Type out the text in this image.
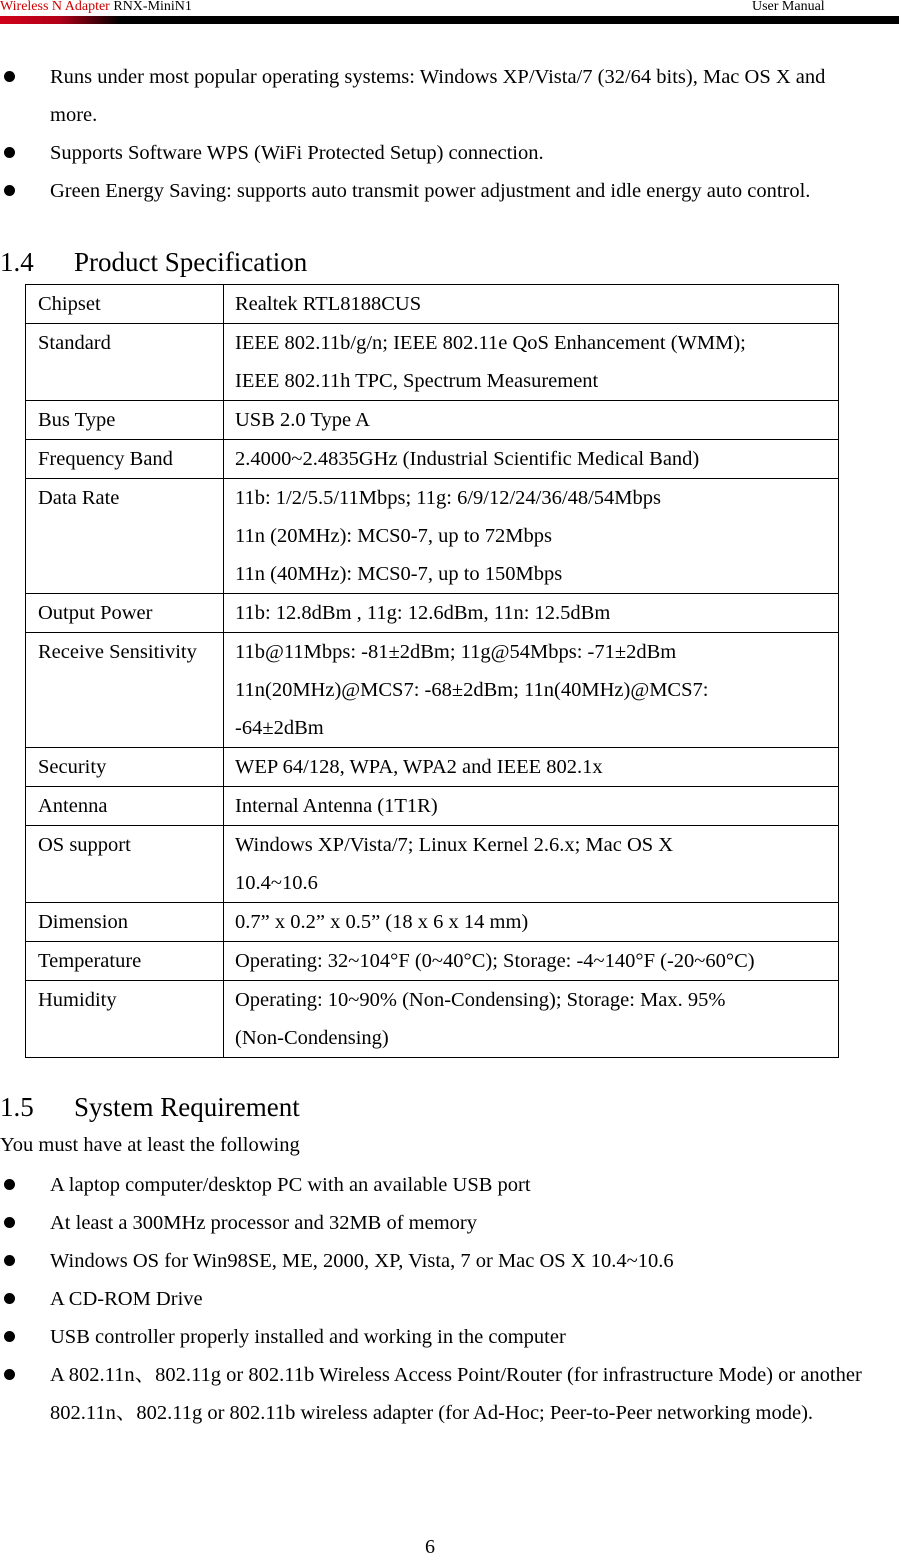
Wireless N Adapter RNX-MiniN1	User Manual
Runs under most popular operating systems: Windows XP/Vista/7 (32/64 bits), Mac OS X and more.
Supports Software WPS (WiFi Protected Setup) connection.
Green Energy Saving: supports auto transmit power adjustment and idle energy auto control.
1.4 Product Specification
Chipset	Realtek RTL8188CUS

Standard	IEEE 802.11b/g/n; IEEE 802.11e QoS Enhancement (WMM);
IEEE 802.11h TPC, Spectrum Measurement

Bus Type	USB 2.0 Type A

Frequency Band	2.4000~2.4835GHz (Industrial Scientific Medical Band)

Data Rate	11b: 1/2/5.5/11Mbps; 11g: 6/9/12/24/36/48/54Mbps
11n (20MHz): MCS0-7, up to 72Mbps
11n (40MHz): MCS0-7, up to 150Mbps

Output Power	11b: 12.8dBm , 11g: 12.6dBm, 11n: 12.5dBm

Receive Sensitivity	11b@11Mbps: -81±2dBm; 11g@54Mbps: -71±2dBm
11n(20MHz)@MCS7: -68±2dBm; 11n(40MHz)@MCS7:
-64±2dBm

Security	WEP 64/128, WPA, WPA2 and IEEE 802.1x

Antenna	Internal Antenna (1T1R)

OS support	Windows XP/Vista/7; Linux Kernel 2.6.x; Mac OS X
10.4~10.6

Dimension	0.7” x 0.2” x 0.5” (18 x 6 x 14 mm)

Temperature	Operating: 32~104°F (0~40°C); Storage: -4~140°F (-20~60°C)

Humidity	Operating: 10~90% (Non-Condensing); Storage: Max. 95%
(Non-Condensing)
1.5 System Requirement
You must have at least the following
A laptop computer/desktop PC with an available USB port
At least a 300MHz processor and 32MB of memory
Windows OS for Win98SE, ME, 2000, XP, Vista, 7 or Mac OS X 10.4~10.6
A CD-ROM Drive
USB controller properly installed and working in the computer
A 802.11n、802.11g or 802.11b Wireless Access Point/Router (for infrastructure Mode) or another 802.11n、802.11g or 802.11b wireless adapter (for Ad-Hoc; Peer-to-Peer networking mode).
6
